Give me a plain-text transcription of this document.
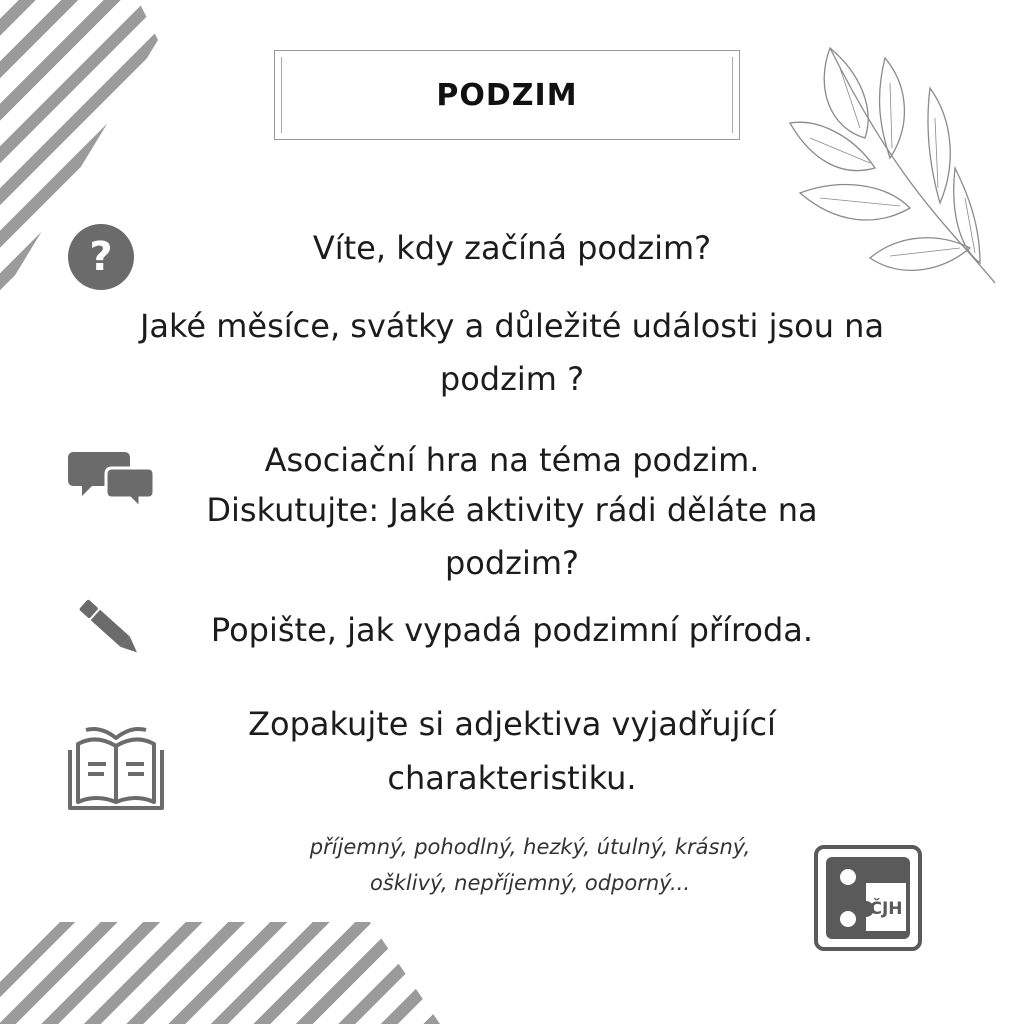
PODZIM
?	Víte, kdy začíná podzim?
Jaké měsíce, svátky a důležité události jsou na
podzim ?
Asociační hra na téma podzim.
Diskutujte: Jaké aktivity rádi děláte na
podzim?
Popište, jak vypadá podzimní příroda.
Zopakujte si adjektiva vyjadřující
charakteristiku.
příjemný, pohodlný, hezký, útulný, krásný,
ošklivý, nepříjemný, odporný...
ČJH
